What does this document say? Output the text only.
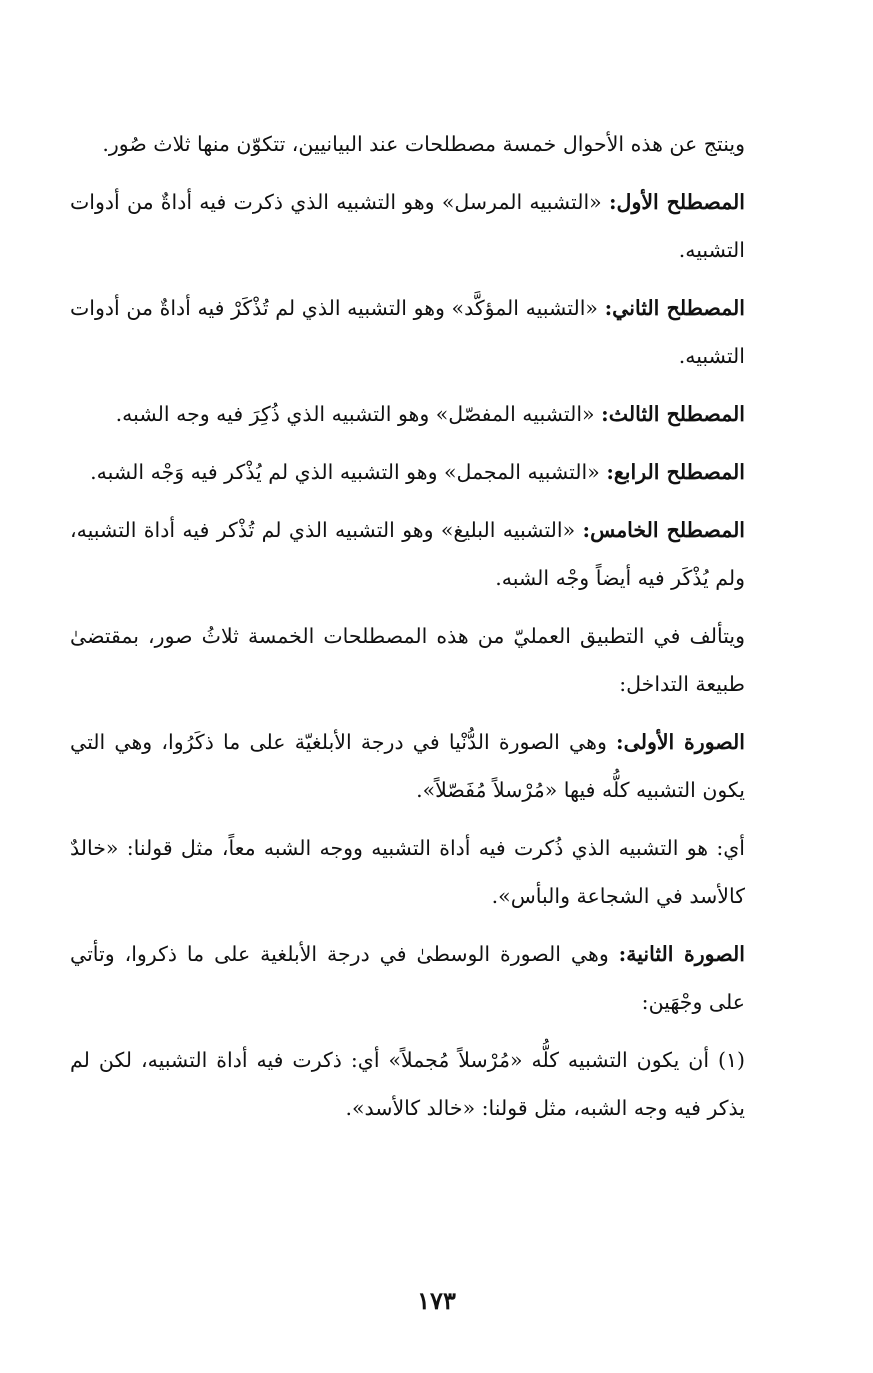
وينتج عن هذه الأحوال خمسة مصطلحات عند البيانيين، تتكوّن منها ثلاث صُور.

المصطلح الأول: «التشبيه المرسل» وهو التشبيه الذي ذكرت فيه أداةٌ من أدوات التشبيه.

المصطلح الثاني: «التشبيه المؤكَّد» وهو التشبيه الذي لم تُذْكَرْ فيه أداةٌ من أدوات التشبيه.

المصطلح الثالث: «التشبيه المفصّل» وهو التشبيه الذي ذُكِرَ فيه وجه الشبه.

المصطلح الرابع: «التشبيه المجمل» وهو التشبيه الذي لم يُذْكر فيه وَجْه الشبه.

المصطلح الخامس: «التشبيه البليغ» وهو التشبيه الذي لم تُذْكر فيه أداة التشبيه، ولم يُذْكَر فيه أيضاً وجْه الشبه.

ويتألف في التطبيق العمليّ من هذه المصطلحات الخمسة ثلاثُ صور، بمقتضىٰ طبيعة التداخل:

الصورة الأولى: وهي الصورة الدُّنْيا في درجة الأبلغيّة على ما ذكَرُوا، وهي التي يكون التشبيه كلُّه فيها «مُرْسلاً مُفَصّلاً».

أي: هو التشبيه الذي ذُكرت فيه أداة التشبيه ووجه الشبه معاً، مثل قولنا: «خالدٌ كالأسد في الشجاعة والبأس».

الصورة الثانية: وهي الصورة الوسطىٰ في درجة الأبلغية على ما ذكروا، وتأتي على وجْهَين:

(١) أن يكون التشبيه كلُّه «مُرْسلاً مُجملاً» أي: ذكرت فيه أداة التشبيه، لكن لم يذكر فيه وجه الشبه، مثل قولنا: «خالد كالأسد».

١٧٣
